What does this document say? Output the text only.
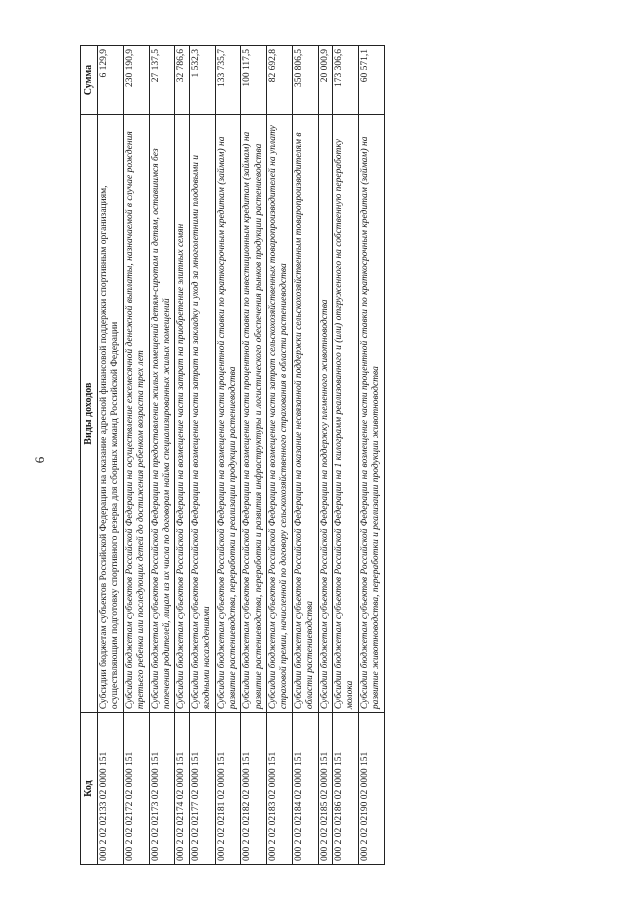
6
Код	Виды доходов	Сумма
000 2 02 02133 02 0000 151	Субсидии бюджетам субъектов Российской Федерации на оказание адресной финансовой поддержки спортивным организациям, осуществляющим подготовку спортивного резерва для сборных команд Российской Федерации	6 129,9
000 2 02 02172 02 0000 151	Субсидии бюджетам субъектов Российской Федерации на осуществление ежемесячной денежной выплаты, назначаемой в случае рождения третьего ребенка или последующих детей до достижения ребенком возраста трех лет	230 190,9
000 2 02 02173 02 0000 151	Субсидии бюджетам субъектов Российской Федерации на предоставление жилых помещений детям-сиротам и детям, оставшимся без попечения родителей, лицам из их числа по договорам найма специализированных жилых помещений	27 137,5
000 2 02 02174 02 0000 151	Субсидии бюджетам субъектов Российской Федерации на возмещение части затрат на приобретение элитных семян	32 786,6
000 2 02 02177 02 0000 151	Субсидии бюджетам субъектов Российской Федерации на возмещение части затрат на закладку и уход за многолетними плодовыми и ягодными насаждениями	1 532,3
000 2 02 02181 02 0000 151	Субсидии бюджетам субъектов Российской Федерации на возмещение части процентной ставки по краткосрочным кредитам (займам) на развитие растениеводства, переработки и реализации продукции растениеводства	133 735,7
000 2 02 02182 02 0000 151	Субсидии бюджетам субъектов Российской Федерации на возмещение части процентной ставки по инвестиционным кредитам (займам) на развитие растениеводства, переработки и развития инфраструктуры и логистического обеспечения рынков продукции растениеводства	100 117,5
000 2 02 02183 02 0000 151	Субсидии бюджетам субъектов Российской Федерации на возмещение части затрат сельскохозяйственных товаропроизводителей на уплату страховой премии, начисленной по договору сельскохозяйственного страхования в области растениеводства	82 692,8
000 2 02 02184 02 0000 151	Субсидии бюджетам субъектов Российской Федерации на оказание несвязанной поддержки сельскохозяйственным товаропроизводителям в области растениеводства	350 806,5
000 2 02 02185 02 0000 151	Субсидии бюджетам субъектов Российской Федерации на поддержку племенного животноводства	20 000,9
000 2 02 02186 02 0000 151	Субсидии бюджетам субъектов Российской Федерации на 1 килограмм реализованного и (или) отгруженного на собственную переработку молока	173 306,6
000 2 02 02190 02 0000 151	Субсидии бюджетам субъектов Российской Федерации на возмещение части процентной ставки по краткосрочным кредитам (займам) на развитие животноводства, переработки и реализации продукции животноводства	60 571,1
